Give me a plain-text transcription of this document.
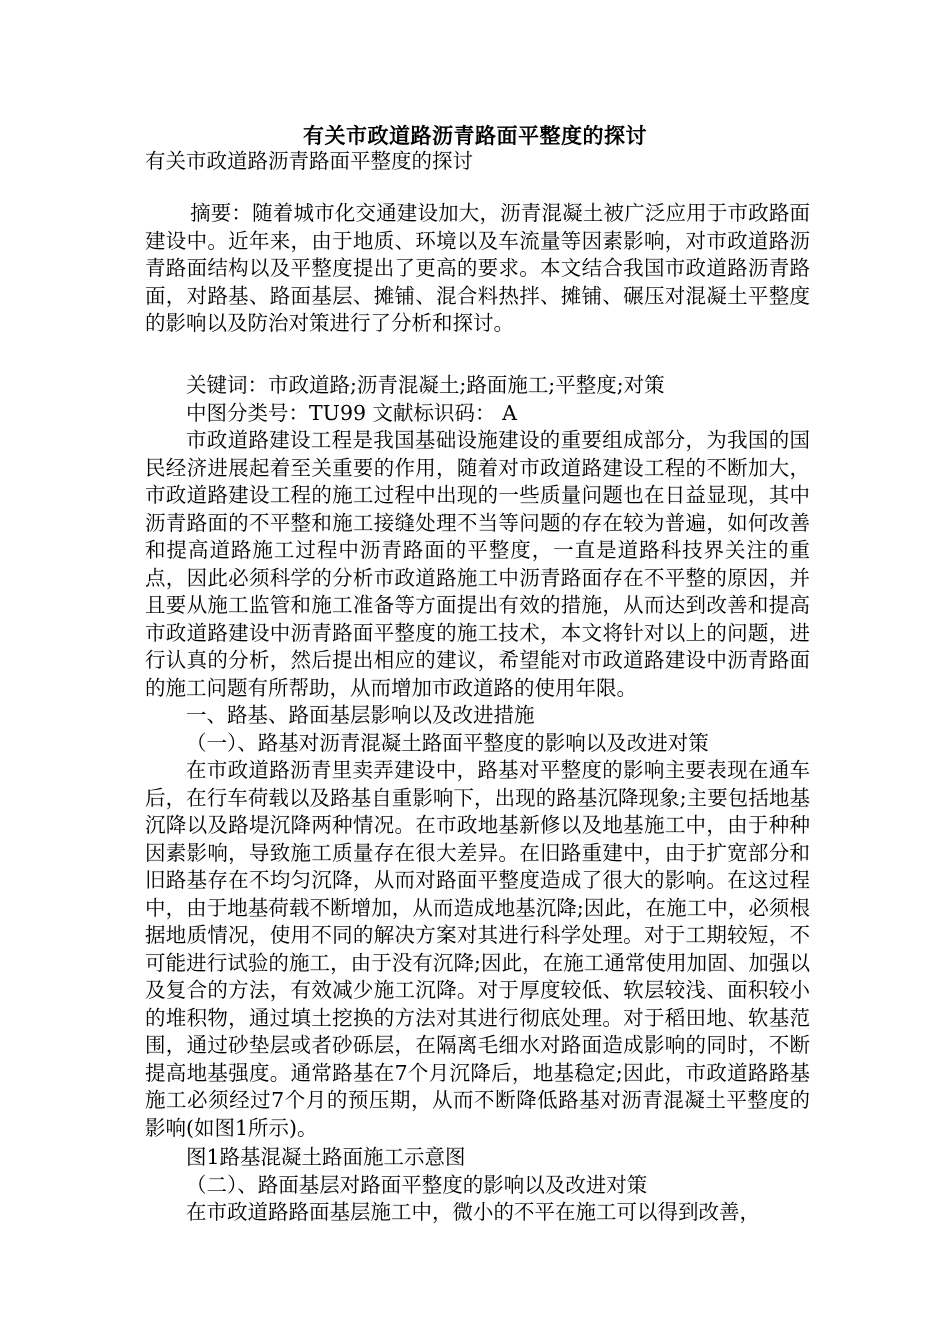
有关市政道路沥青路面平整度的探讨

有关市政道路沥青路面平整度的探讨

摘要：随着城市化交通建设加大，沥青混凝土被广泛应用于市政路面建设中。近年来，由于地质、环境以及车流量等因素影响，对市政道路沥青路面结构以及平整度提出了更高的要求。本文结合我国市政道路沥青路面，对路基、路面基层、摊铺、混合料热拌、摊铺、碾压对混凝土平整度的影响以及防治对策进行了分析和探讨。

关键词：市政道路;沥青混凝土;路面施工;平整度;对策

中图分类号：TU99 文献标识码： A

市政道路建设工程是我国基础设施建设的重要组成部分，为我国的国民经济进展起着至关重要的作用，随着对市政道路建设工程的不断加大，市政道路建设工程的施工过程中出现的一些质量问题也在日益显现，其中沥青路面的不平整和施工接缝处理不当等问题的存在较为普遍，如何改善和提高道路施工过程中沥青路面的平整度，一直是道路科技界关注的重点，因此必须科学的分析市政道路施工中沥青路面存在不平整的原因，并且要从施工监管和施工准备等方面提出有效的措施，从而达到改善和提高市政道路建设中沥青路面平整度的施工技术，本文将针对以上的问题，进行认真的分析，然后提出相应的建议，希望能对市政道路建设中沥青路面的施工问题有所帮助，从而增加市政道路的使用年限。

一、路基、路面基层影响以及改进措施

（一）、路基对沥青混凝土路面平整度的影响以及改进对策

在市政道路沥青里卖弄建设中，路基对平整度的影响主要表现在通车后，在行车荷载以及路基自重影响下，出现的路基沉降现象;主要包括地基沉降以及路堤沉降两种情况。在市政地基新修以及地基施工中，由于种种因素影响，导致施工质量存在很大差异。在旧路重建中，由于扩宽部分和旧路基存在不均匀沉降，从而对路面平整度造成了很大的影响。在这过程中，由于地基荷载不断增加，从而造成地基沉降;因此，在施工中，必须根据地质情况，使用不同的解决方案对其进行科学处理。对于工期较短，不可能进行试验的施工，由于没有沉降;因此，在施工通常使用加固、加强以及复合的方法，有效减少施工沉降。对于厚度较低、软层较浅、面积较小的堆积物，通过填土挖换的方法对其进行彻底处理。对于稻田地、软基范围，通过砂垫层或者砂砾层，在隔离毛细水对路面造成影响的同时，不断提高地基强度。通常路基在7个月沉降后，地基稳定;因此，市政道路路基施工必须经过7个月的预压期，从而不断降低路基对沥青混凝土平整度的影响(如图1所示)。

图1路基混凝土路面施工示意图

（二）、路面基层对路面平整度的影响以及改进对策

在市政道路路面基层施工中，微小的不平在施工可以得到改善，
